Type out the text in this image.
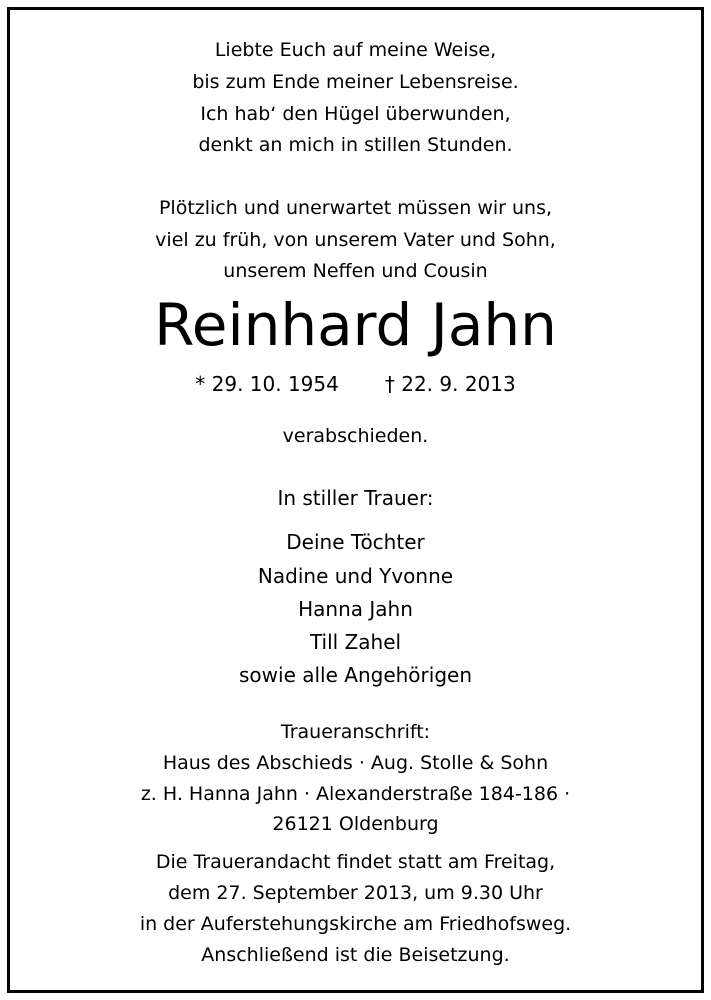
Liebte Euch auf meine Weise,
bis zum Ende meiner Lebensreise.
Ich hab‘ den Hügel überwunden,
denkt an mich in stillen Stunden.
Plötzlich und unerwartet müssen wir uns,
viel zu früh, von unserem Vater und Sohn,
unserem Neffen und Cousin
Reinhard Jahn
* 29. 10. 1954 † 22. 9. 2013
verabschieden.
In stiller Trauer:
Deine Töchter
Nadine und Yvonne
Hanna Jahn
Till Zahel
sowie alle Angehörigen
Traueranschrift:
Haus des Abschieds · Aug. Stolle & Sohn
z. H. Hanna Jahn · Alexanderstraße 184-186 ·
26121 Oldenburg
Die Trauerandacht findet statt am Freitag,
dem 27. September 2013, um 9.30 Uhr
in der Auferstehungskirche am Friedhofsweg.
Anschließend ist die Beisetzung.
